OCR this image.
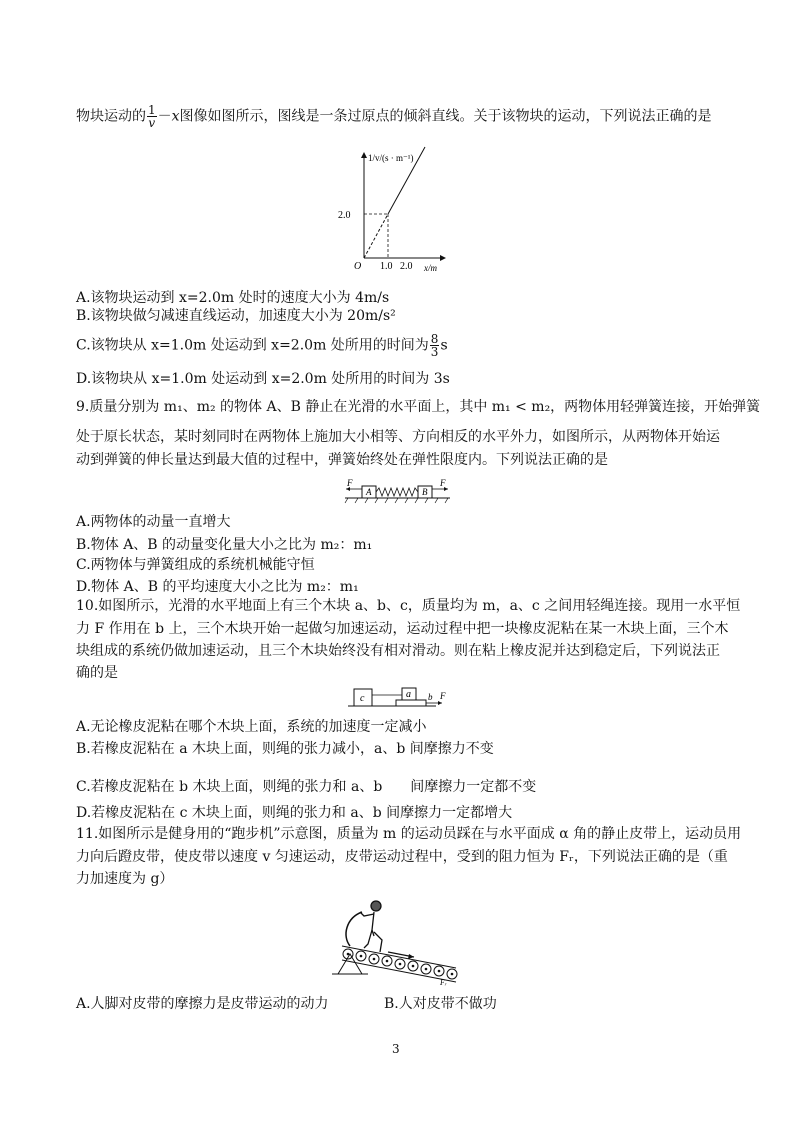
物块运动的 $\frac{1}{v} -x$图像如图所示，图线是一条过原点的倾斜直线。关于该物块的运动，下列说法正确的是
1/v/(s · m⁻¹)
2.0
O 1.0 2.0 x/m
A.该物块运动到 x=2.0m 处时的速度大小为 4m/s
B.该物块做匀减速直线运动，加速度大小为 20m/s²
C.该物块从 x=1.0m 处运动到 x=2.0m 处所用的时间为 $\frac{8}{3}$ s
D.该物块从 x=1.0m 处运动到 x=2.0m 处所用的时间为 3s
9.质量分别为 m₁、m₂ 的物体 A、B 静止在光滑的水平面上，其中 m₁ < m₂，两物体用轻弹簧连接，开始弹簧
处于原长状态，某时刻同时在两物体上施加大小相等、方向相反的水平外力，如图所示，从两物体开始运
动到弹簧的伸长量达到最大值的过程中，弹簧始终处在弹性限度内。下列说法正确的是
F
A	B
F
A.两物体的动量一直增大
B.物体 A、B 的动量变化量大小之比为 m₂：m₁
C.两物体与弹簧组成的系统机械能守恒
D.物体 A、B 的平均速度大小之比为 m₂：m₁
10.如图所示，光滑的水平地面上有三个木块 a、b、c，质量均为 m，a、c 之间用轻绳连接。现用一水平恒
力 F 作用在 b 上，三个木块开始一起做匀加速运动，运动过程中把一块橡皮泥粘在某一木块上面，三个木
块组成的系统仍做加速运动，且三个木块始终没有相对滑动。则在粘上橡皮泥并达到稳定后，下列说法正
确的是
c	a b F
A.无论橡皮泥粘在哪个木块上面，系统的加速度一定减小
B.若橡皮泥粘在 a 木块上面，则绳的张力减小，a、b 间摩擦力不变
C.若橡皮泥粘在 b 木块上面，则绳的张力和 a、b　　间摩擦力一定都不变
D.若橡皮泥粘在 c 木块上面，则绳的张力和 a、b 间摩擦力一定都增大
11.如图所示是健身用的“跑步机”示意图，质量为 m 的运动员踩在与水平面成 α 角的静止皮带上，运动员用
力向后蹬皮带，使皮带以速度 v 匀速运动，皮带运动过程中，受到的阻力恒为 Fᵣ，下列说法正确的是（重
力加速度为 g）
Fᵣ
A.人脚对皮带的摩擦力是皮带运动的动力	B.人对皮带不做功
3
